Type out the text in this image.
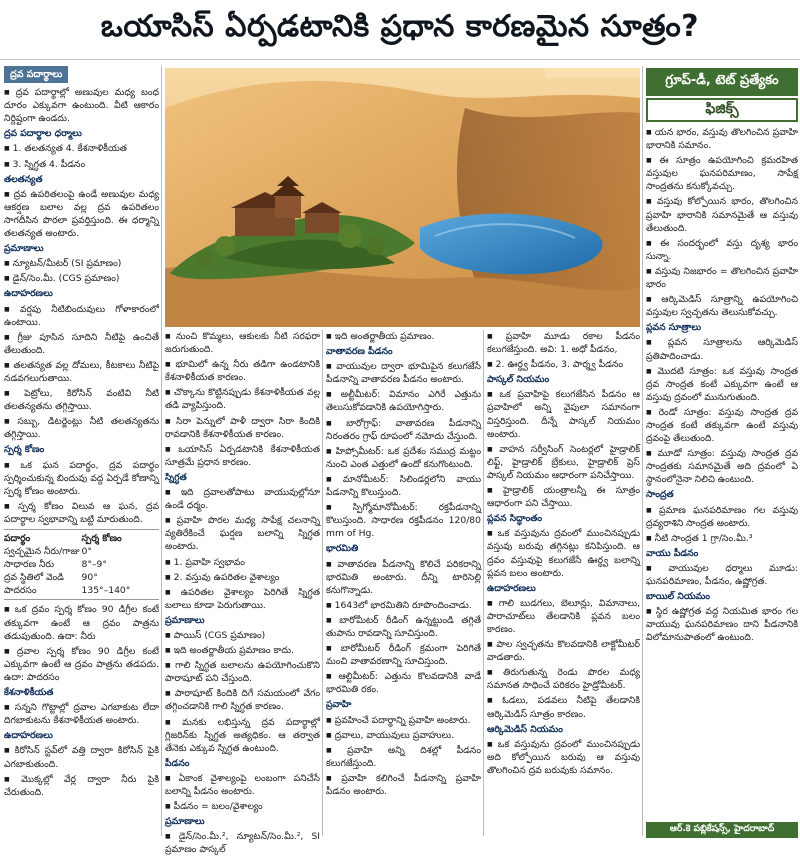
ఒయాసిస్ ఏర్పడటానికి ప్రధాన కారణమైన సూత్రం?
ద్రవ పదార్థాలు

■ ద్రవ పదార్థాల్లో అణువుల మధ్య బంధ దూరం ఎక్కువగా ఉంటుంది. వీటి ఆకారం నిర్దిష్టంగా ఉండదు.

ద్రవ పదార్థాల ధర్మాలు

■ 1. తలతన్యత 4. కేశనాళికీయత

■ 3. స్నిగ్ధత 4. పీడనం

తలతన్యత

■ ద్రవ ఉపరితలంపై ఉండే అణువుల మధ్య ఆకర్షణ బలాల వల్ల ద్రవ ఉపరితలం సాగదీసిన పొరలా ప్రవర్తిస్తుంది. ఈ ధర్మాన్ని తలతన్యత అంటారు.

ప్రమాణాలు

■ న్యూటన్/మీటర్ (SI ప్రమాణం)

■ డైన్/సెం.మీ. (CGS ప్రమాణం)

ఉదాహరణలు

■ వర్షపు నీటిబిందువులు గోళాకారంలో ఉంటాయి.

■ గ్రీజు పూసిన సూదిని నీటిపై ఉంచితే తేలుతుంది.

■ తలతన్యత వల్ల దోమలు, కీటకాలు నీటిపై నడవగలుగుతాయి.

■ పెట్రోలు, కిరోసిన్ వంటివి నీటి తలతన్యతను తగ్గిస్తాయి.

■ సబ్బు, డిటర్జెంట్లు నీటి తలతన్యతను తగ్గిస్తాయి.

స్పర్శ కోణం

■ ఒక ఘన పదార్థం, ద్రవ పదార్థం స్పర్శించుకున్న బిందువు వద్ద ఏర్పడే కోణాన్ని స్పర్శ కోణం అంటారు.

■ స్పర్శ కోణం విలువ ఆ ఘన, ద్రవ పదార్థాల స్వభావాన్ని బట్టి మారుతుంది.

పదార్థం	స్పర్శ కోణం
స్వచ్ఛమైన నీరు/గాజు 0°
సాధారణ నీరు	8°–9°
ద్రవ స్థితిలో వెండి	90°
పాదరసం	135°–140°

■ ఒక ద్రవం స్పర్శ కోణం 90 డిగ్రీల కంటే తక్కువగా ఉంటే ఆ ద్రవం పాత్రను తడుపుతుంది. ఉదా: నీరు

■ ద్రవాల స్పర్శ కోణం 90 డిగ్రీల కంటే ఎక్కువగా ఉంటే ఆ ద్రవం పాత్రను తడపదు. ఉదా: పాదరసం

కేశనాళికీయత

■ సన్నని గొట్టాల్లో ద్రవాల ఎగబాకుట లేదా దిగబాకుటను కేశనాళికీయత అంటారు.

ఉదాహరణలు

■ కిరోసిన్ స్టవ్‌లో వత్తి ద్వారా కిరోసిన్ పైకి ఎగబాకుతుంది.

■ మొక్కల్లో వేర్ల ద్వారా నీరు పైకి చేరుతుంది.

గ్రూప్-డీ, టెట్ ప్రత్యేకం
ఫిజిక్స్

■ నుంచి కొమ్మలు, ఆకులకు నీటి సరఫరా జరుగుతుంది.

■ భూమిలో ఉన్న నీరు తడిగా ఉండటానికి కేశనాళికీయత కారణం.

■ చొక్కాను కొట్టినప్పుడు కేశనాళికీయత వల్ల తడి వ్యాపిస్తుంది.

■ సిరా పెన్నులో పాళీ ద్వారా సిరా కిందికి రావడానికి కేశనాళికీయత కారణం.

■ ఒయాసిస్ ఏర్పడటానికి కేశనాళికీయత సూత్రమే ప్రధాన కారణం.

స్నిగ్ధత

■ ఇది ద్రవాలతోపాటు వాయువుల్లోనూ ఉండే ధర్మం.

■ ప్రవాహి పొరల మధ్య సాపేక్ష చలనాన్ని వ్యతిరేకించే ఘర్షణ బలాన్ని స్నిగ్ధత అంటారు.

■ 1. ప్రవాహి స్వభావం

■ 2. వస్తువు ఉపరితల వైశాల్యం

■ ఉపరితల వైశాల్యం పెరిగితే స్నిగ్ధత బలాలు కూడా పెరుగుతాయి.

ప్రమాణాలు

■ పాయిస్ (CGS ప్రమాణం)

■ ఇది అంతర్జాతీయ ప్రమాణం కాదు.

■ గాలి స్నిగ్ధత బలాలను ఉపయోగించుకొని పారాషూట్ పని చేస్తుంది.

■ పారాషూట్ కిందికి దిగే సమయంలో వేగం తగ్గించడానికి గాలి స్నిగ్ధత కారణం.

■ మనకు లభిస్తున్న ద్రవ పదార్థాల్లో గ్లిజరిన్‌కు స్నిగ్ధత అత్యధికం. ఆ తర్వాత తేనెకు ఎక్కువ స్నిగ్ధత ఉంటుంది.

పీడనం

■ ఏకాంక వైశాల్యంపై లంబంగా పనిచేసే బలాన్ని పీడనం అంటారు.

■ పీడనం = బలం/వైశాల్యం

ప్రమాణాలు

■ డైన్/సెం.మీ.², న్యూటన్/సెం.మీ.², SI ప్రమాణం పాస్కల్

■ ఇది అంతర్జాతీయ ప్రమాణం.

వాతావరణ పీడనం

■ వాయువుల ద్వారా భూమిపైన కలుగజేసే పీడనాన్ని వాతావరణ పీడనం అంటారు.

■ అల్టీమీటర్: విమానం ఎగిరే ఎత్తును తెలుసుకోవడానికి ఉపయోగిస్తారు.

■ బారోగ్రాఫ్: వాతావరణ పీడనాన్ని నిరంతరం గ్రాఫ్ రూపంలో నమోదు చేస్తుంది.

■ హిప్సోమీటర్: ఒక ప్రదేశం సముద్ర మట్టం నుంచి ఎంత ఎత్తులో ఉందో కనుగొంటుంది.

■ మానోమీటర్: సిలిండర్లలోని వాయు పీడనాన్ని కొలుస్తుంది.

■ స్పిగ్మోమానోమీటర్: రక్తపీడనాన్ని కొలుస్తుంది. సాధారణ రక్తపీడనం 120/80 mm of Hg.

భారమితి

■ వాతావరణ పీడనాన్ని కొలిచే పరికరాన్ని భారమితి అంటారు. దీన్ని టారిసెల్లి కనుగొన్నాడు.

■ 1643లో భారమితిని రూపొందించాడు.

■ బారోమీటర్ రీడింగ్ ఉన్నట్టుండి తగ్గితే తుపాను రావడాన్ని సూచిస్తుంది.

■ బారోమీటర్ రీడింగ్ క్రమంగా పెరిగితే మంచి వాతావరణాన్ని సూచిస్తుంది.

■ ఆల్టిమీటర్: ఎత్తును కొలవడానికి వాడే భారమితి రకం.

ప్రవాహి

■ ప్రవహించే పదార్థాన్ని ప్రవాహి అంటారు.

■ ద్రవాలు, వాయువులు ప్రవాహులు.

■ ప్రవాహి అన్ని దిశల్లో పీడనం కలుగజేస్తుంది.

■ ప్రవాహి కలిగించే పీడనాన్ని ప్రవాహి పీడనం అంటారు.

■ ప్రవాహి మూడు రకాల పీడనం కలుగజేస్తుంది. అవి: 1. అధో పీడనం,

■ 2. ఊర్ధ్వ పీడనం, 3. పార్శ్వ పీడనం

పాస్కల్ నియమం

■ ఒక ప్రవాహిపై కలుగజేసిన పీడనం ఆ ప్రవాహిలో అన్ని వైపులా సమానంగా విస్తరిస్తుంది. దీన్నే పాస్కల్ నియమం అంటారు.

■ వాహన సర్వీసింగ్ సెంటర్లలో హైడ్రాలిక్ లిఫ్ట్, హైడ్రాలిక్ బ్రేకులు, హైడ్రాలిక్ ప్రెస్ పాస్కల్ నియమం ఆధారంగా పనిచేస్తాయి.

■ హైడ్రాలిక్ యంత్రాలన్నీ ఈ సూత్రం ఆధారంగా పని చేస్తాయి.

ప్లవన సిద్ధాంతం

■ ఒక వస్తువును ద్రవంలో ముంచినప్పుడు వస్తువు బరువు తగ్గినట్లు కనిపిస్తుంది. ఆ ద్రవం వస్తువుపై కలుగజేసే ఊర్ధ్వ బలాన్ని ప్లవన బలం అంటారు.

ఉదాహరణలు

■ గాలి బుడగలు, బెలూన్లు, విమానాలు, పారాచూట్‌లు తేలడానికి ప్లవన బలం కారణం.

■ పాల స్వచ్ఛతను కొలవడానికి లాక్టోమీటర్ వాడతారు.

■ తిరుగుతున్న రెండు పొరల మధ్య సమానత సాధించే పరికరం హైడ్రోమీటర్.

■ ఓడలు, పడవలు నీటిపై తేలడానికి ఆర్కిమెడిస్ సూత్రం కారణం.

ఆర్కిమెడిస్ నియమం

■ ఒక వస్తువును ద్రవంలో ముంచినప్పుడు అది కోల్పోయిన బరువు ఆ వస్తువు తొలగించిన ద్రవ బరువుకు సమానం.

■ యన భారం, వస్తువు తొలగించిన ప్రవాహి భారానికి సమానం.

■ ఈ సూత్రం ఉపయోగించి క్రమరహిత వస్తువుల ఘనపరిమాణం, సాపేక్ష సాంద్రతను కనుక్కోవచ్చు.

■ వస్తువు కోల్పోయిన భారం, తొలగించిన ప్రవాహి భారానికి సమానమైతే ఆ వస్తువు తేలుతుంది.

■ ఈ సందర్భంలో వస్తు దృశ్య భారం సున్నా.

■ వస్తువు నిజభారం = తొలగించిన ప్రవాహి భారం

■ ఆర్కిమెడిస్ సూత్రాన్ని ఉపయోగించి వస్తువుల స్వచ్ఛతను తెలుసుకోవచ్చు.

ప్లవన సూత్రాలు

■ ప్లవన సూత్రాలను ఆర్కిమెడిస్ ప్రతిపాదించాడు.

■ మొదటి సూత్రం: ఒక వస్తువు సాంద్రత ద్రవ సాంద్రత కంటే ఎక్కువగా ఉంటే ఆ వస్తువు ద్రవంలో మునుగుతుంది.

■ రెండో సూత్రం: వస్తువు సాంద్రత ద్రవ సాంద్రత కంటే తక్కువగా ఉంటే వస్తువు ద్రవంపై తేలుతుంది.

■ మూడో సూత్రం: వస్తువు సాంద్రత ద్రవ సాంద్రతకు సమానమైతే అది ద్రవంలో ఏ స్థానంలోనైనా నిలిచి ఉంటుంది.

సాంద్రత

■ ప్రమాణ ఘనపరిమాణం గల వస్తువు ద్రవ్యరాశిని సాంద్రత అంటారు.

■ నీటి సాంద్రత 1 గ్రా/సెం.మీ.³

వాయు పీడనం

■ వాయువుల ధర్మాలు మూడు: ఘనపరిమాణం, పీడనం, ఉష్ణోగ్రత.

బాయిల్ నియమం

■ స్థిర ఉష్ణోగ్రత వద్ద నియమిత భారం గల వాయువు ఘనపరిమాణం దాని పీడనానికి విలోమానుపాతంలో ఉంటుంది.

ఆర్.కె పబ్లికేషన్స్, హైదరాబాద్
